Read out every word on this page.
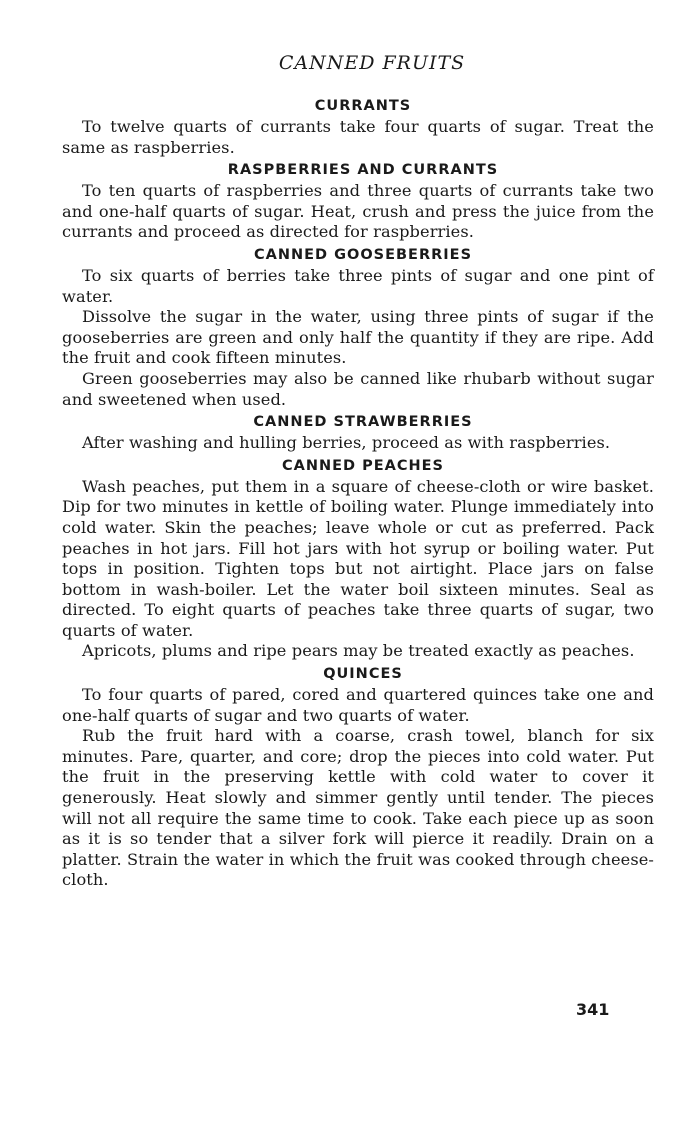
CANNED FRUITS
CURRANTS

To twelve quarts of currants take four quarts of sugar. Treat the same as raspberries.

RASPBERRIES AND CURRANTS

To ten quarts of raspberries and three quarts of currants take two and one-half quarts of sugar. Heat, crush and press the juice from the currants and proceed as directed for raspberries.

CANNED GOOSEBERRIES

To six quarts of berries take three pints of sugar and one pint of water.

Dissolve the sugar in the water, using three pints of sugar if the gooseberries are green and only half the quantity if they are ripe. Add the fruit and cook fifteen minutes.

Green gooseberries may also be canned like rhubarb without sugar and sweetened when used.

CANNED STRAWBERRIES

After washing and hulling berries, proceed as with raspberries.

CANNED PEACHES

Wash peaches, put them in a square of cheese-cloth or wire basket. Dip for two minutes in kettle of boiling water. Plunge immediately into cold water. Skin the peaches; leave whole or cut as preferred. Pack peaches in hot jars. Fill hot jars with hot syrup or boiling water. Put tops in position. Tighten tops but not airtight. Place jars on false bottom in wash-boiler. Let the water boil sixteen minutes. Seal as directed. To eight quarts of peaches take three quarts of sugar, two quarts of water.

Apricots, plums and ripe pears may be treated exactly as peaches.

QUINCES

To four quarts of pared, cored and quartered quinces take one and one-half quarts of sugar and two quarts of water.

Rub the fruit hard with a coarse, crash towel, blanch for six minutes. Pare, quarter, and core; drop the pieces into cold water. Put the fruit in the preserving kettle with cold water to cover it generously. Heat slowly and simmer gently until tender. The pieces will not all require the same time to cook. Take each piece up as soon as it is so tender that a silver fork will pierce it readily. Drain on a platter. Strain the water in which the fruit was cooked through cheese-cloth.

341
